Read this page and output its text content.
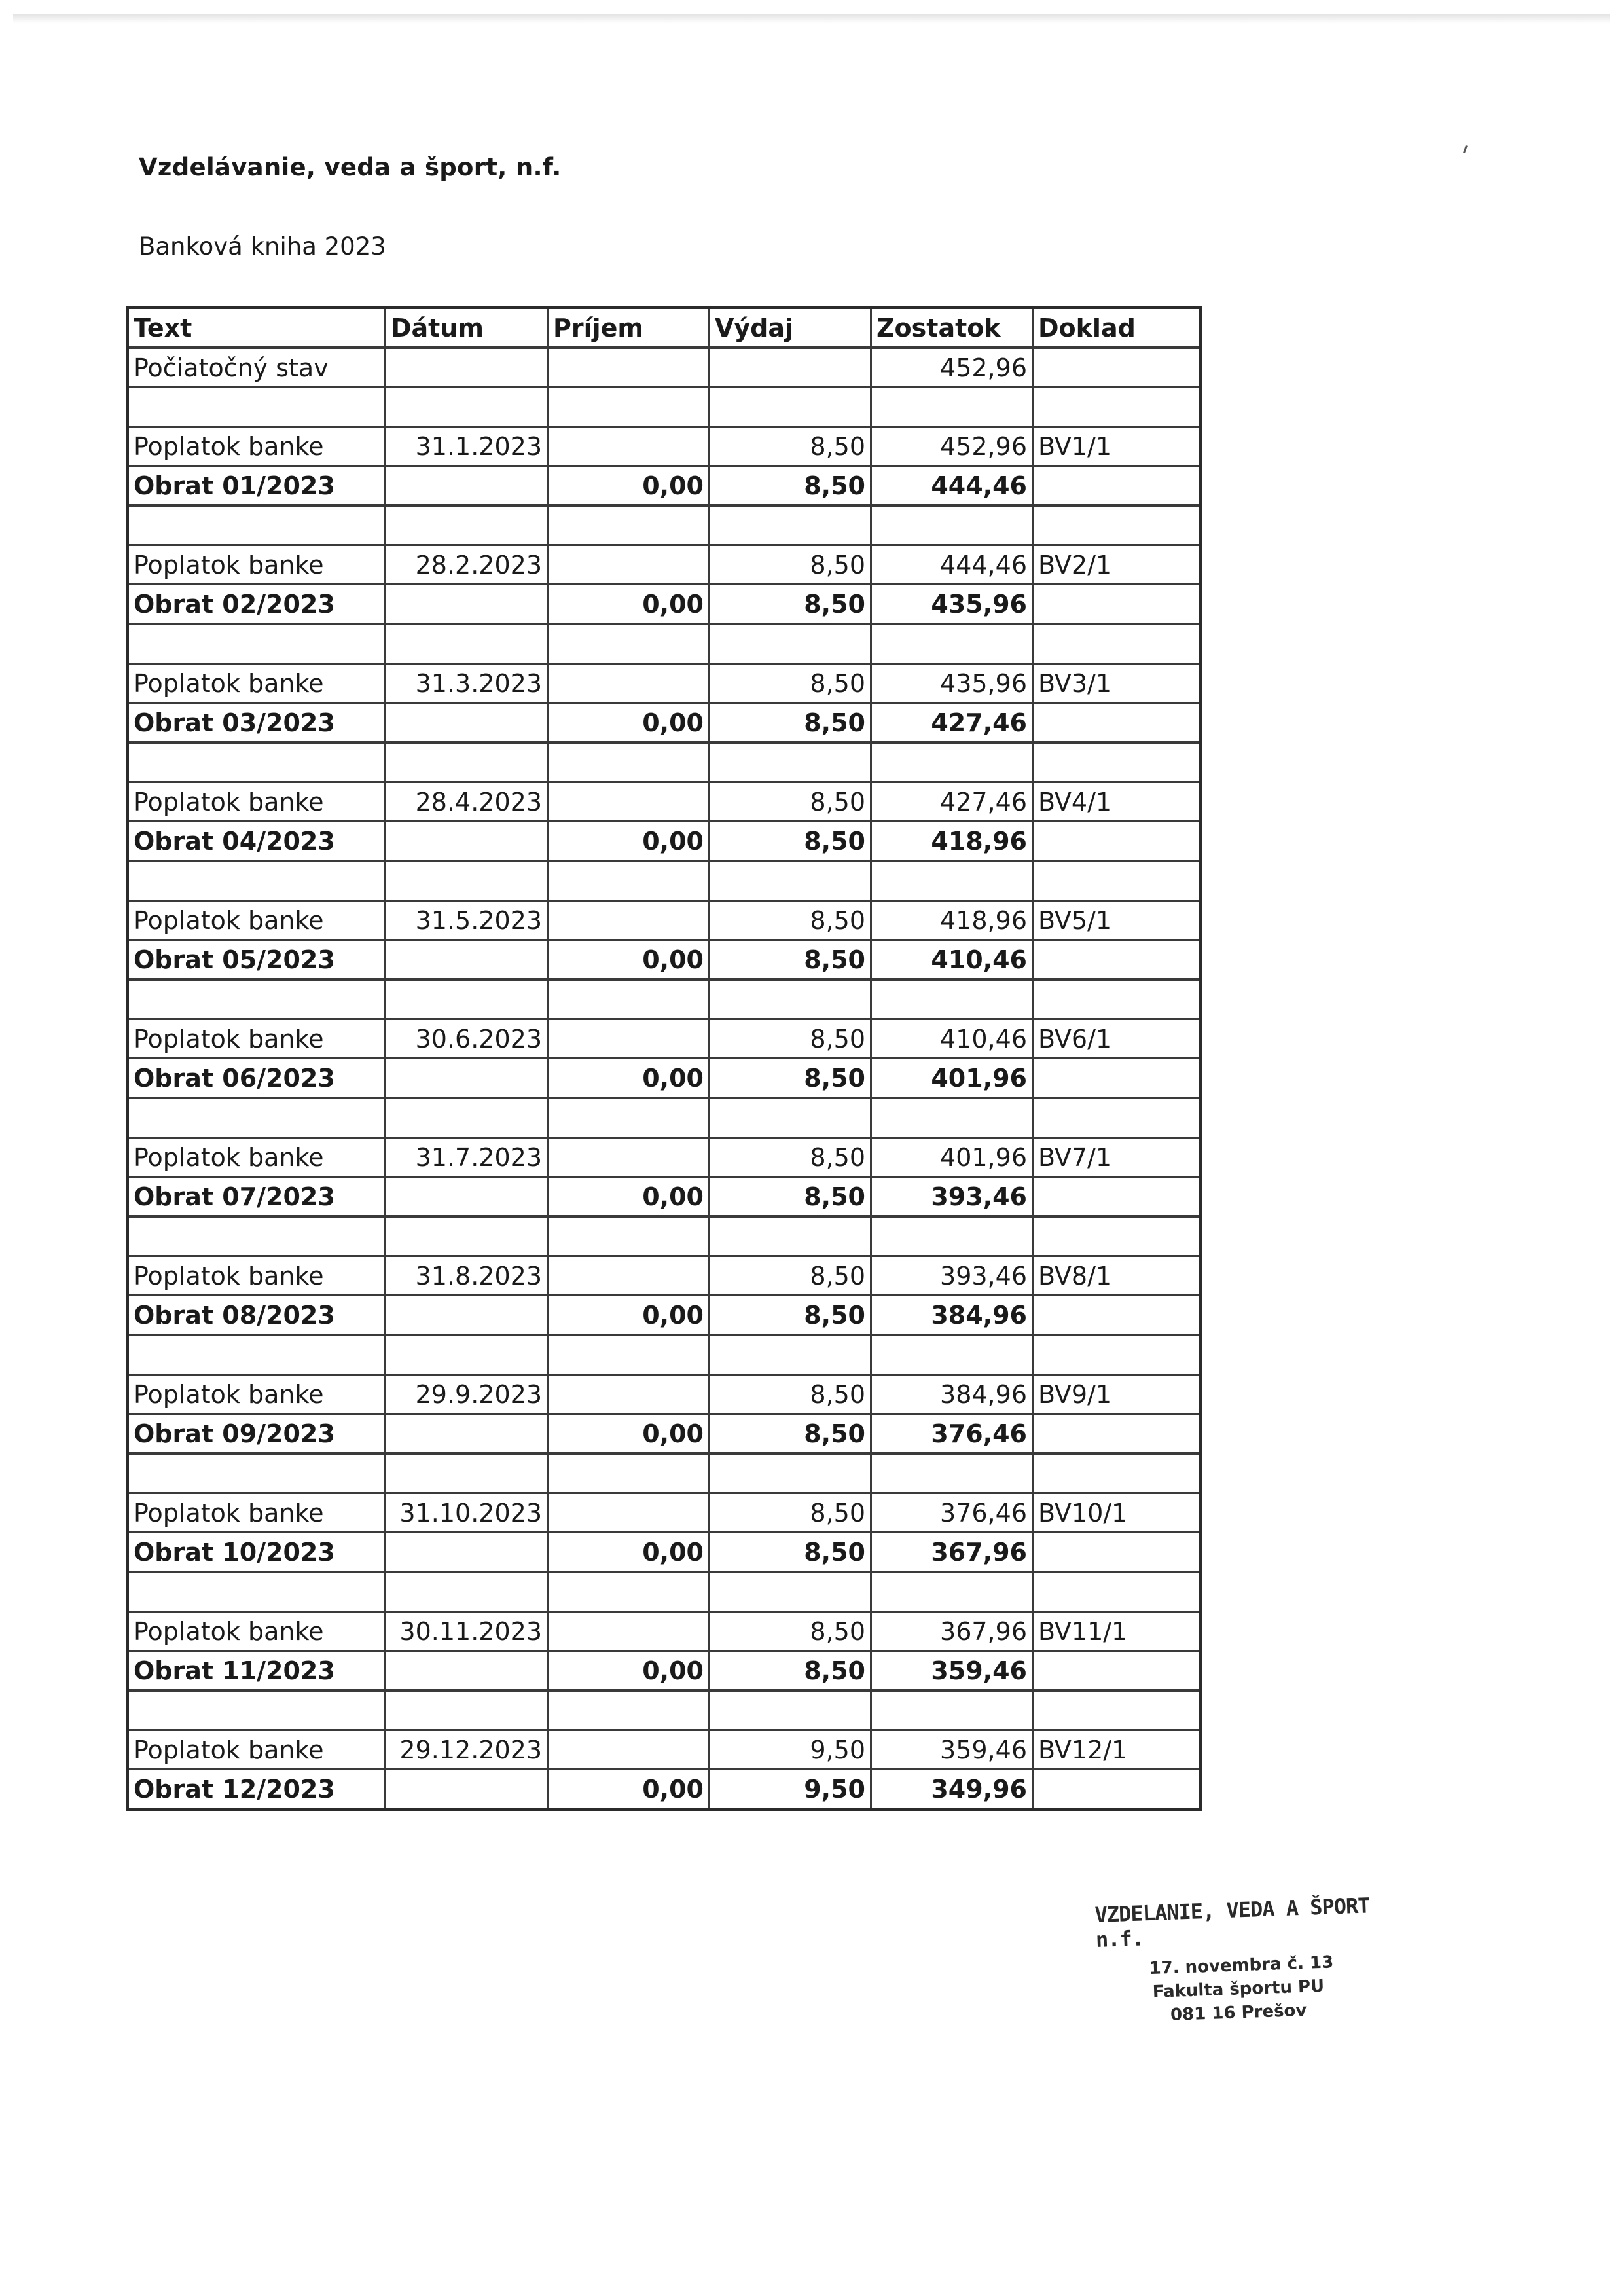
Vzdelávanie, veda a šport, n.f.
Banková kniha 2023
Text	Dátum	Príjem	Výdaj	Zostatok	Doklad
Počiatočný stav				452,96	

Poplatok banke	31.1.2023		8,50	452,96	BV1/1
Obrat 01/2023		0,00	8,50	444,46	

Poplatok banke	28.2.2023		8,50	444,46	BV2/1
Obrat 02/2023		0,00	8,50	435,96	

Poplatok banke	31.3.2023		8,50	435,96	BV3/1
Obrat 03/2023		0,00	8,50	427,46	

Poplatok banke	28.4.2023		8,50	427,46	BV4/1
Obrat 04/2023		0,00	8,50	418,96	

Poplatok banke	31.5.2023		8,50	418,96	BV5/1
Obrat 05/2023		0,00	8,50	410,46	

Poplatok banke	30.6.2023		8,50	410,46	BV6/1
Obrat 06/2023		0,00	8,50	401,96	

Poplatok banke	31.7.2023		8,50	401,96	BV7/1
Obrat 07/2023		0,00	8,50	393,46	

Poplatok banke	31.8.2023		8,50	393,46	BV8/1
Obrat 08/2023		0,00	8,50	384,96	

Poplatok banke	29.9.2023		8,50	384,96	BV9/1
Obrat 09/2023		0,00	8,50	376,46	

Poplatok banke	31.10.2023		8,50	376,46	BV10/1
Obrat 10/2023		0,00	8,50	367,96	

Poplatok banke	30.11.2023		8,50	367,96	BV11/1
Obrat 11/2023		0,00	8,50	359,46	

Poplatok banke	29.12.2023		9,50	359,46	BV12/1
Obrat 12/2023		0,00	9,50	349,96	
VZDELANIE, VEDA A ŠPORT n.f.
17. novembra č. 13
Fakulta športu PU
081 16 Prešov
